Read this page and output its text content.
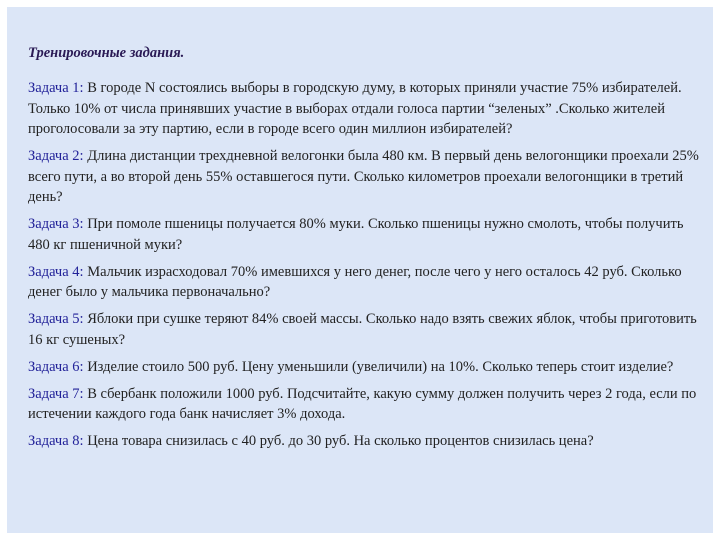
Тренировочные задания.
Задача 1: В городе N состоялись выборы в городскую думу, в которых приняли участие 75% избирателей. Только 10% от числа принявших участие в выборах отдали голоса партии “зеленых” .Сколько жителей проголосовали за эту партию, если в городе всего один миллион избирателей?
Задача 2: Длина дистанции трехдневной велогонки была 480 км. В первый день велогонщики проехали 25% всего пути, а во второй день 55% оставшегося пути. Сколько километров проехали велогонщики в третий день?
Задача 3: При помоле пшеницы получается 80% муки. Сколько пшеницы нужно смолоть, чтобы получить 480 кг пшеничной муки?
Задача 4: Мальчик израсходовал 70% имевшихся у него денег, после чего у него осталось 42 руб. Сколько денег было у мальчика первоначально?
Задача 5: Яблоки при сушке теряют 84% своей массы. Сколько надо взять свежих яблок, чтобы приготовить 16 кг сушеных?
Задача 6: Изделие стоило 500 руб. Цену уменьшили (увеличили) на 10%. Сколько теперь стоит изделие?
Задача 7: В сбербанк положили 1000 руб. Подсчитайте, какую сумму должен получить через 2 года, если по истечении каждого года банк начисляет 3% дохода.
Задача 8: Цена товара снизилась с 40 руб. до 30 руб. На сколько процентов снизилась цена?
